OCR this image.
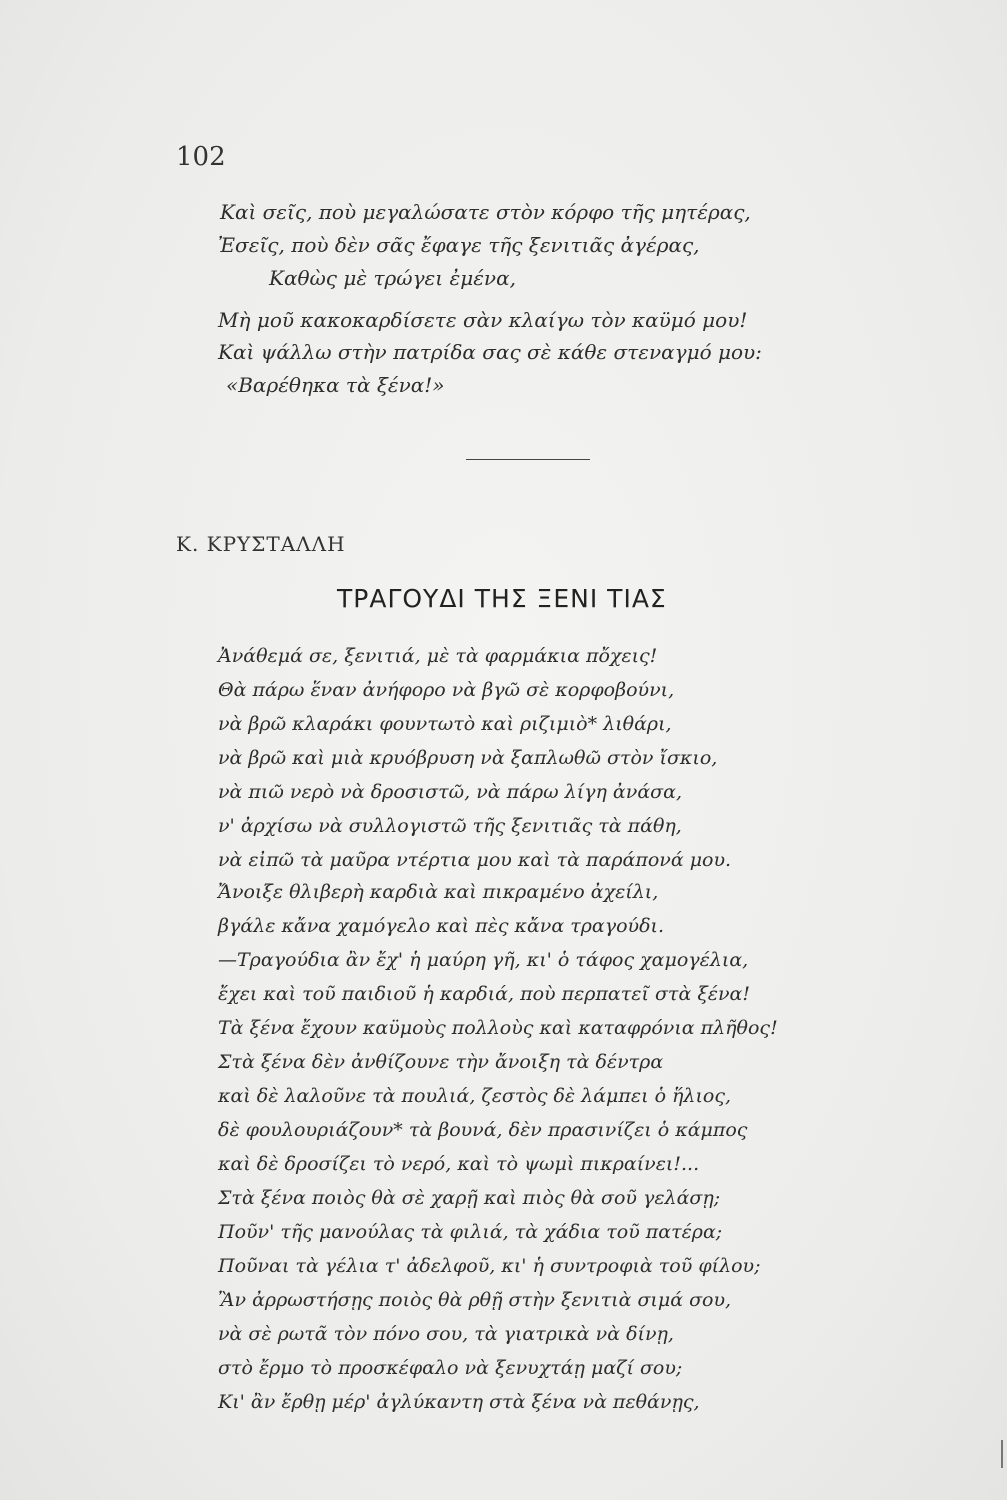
102
Καὶ σεῖς, ποὺ μεγαλώσατε στὸν κόρφο τῆς μητέρας,
Ἐσεῖς, ποὺ δὲν σᾶς ἔφαγε τῆς ξενιτιᾶς ἀγέρας,
Καθὼς μὲ τρώγει ἐμένα,
Μὴ μοῦ κακοκαρδίσετε σὰν κλαίγω τὸν καϋμό μου!
Καὶ ψάλλω στὴν πατρίδα σας σὲ κάθε στεναγμό μου:
«Βαρέθηκα τὰ ξένα!»
Κ. ΚΡΥΣΤΑΛΛΗ
ΤΡΑΓΟΥΔΙ ΤΗΣ ΞΕΝΙ ΤΙΑΣ
Ἀνάθεμά σε, ξενιτιά, μὲ τὰ φαρμάκια πὄχεις!
Θὰ πάρω ἕναν ἀνήφορο νὰ βγῶ σὲ κορφοβούνι,
νὰ βρῶ κλαράκι φουντωτὸ καὶ ριζιμιὸ* λιθάρι,
νὰ βρῶ καὶ μιὰ κρυόβρυση νὰ ξαπλωθῶ στὸν ἴσκιο,
νὰ πιῶ νερὸ νὰ δροσιστῶ, νὰ πάρω λίγη ἀνάσα,
ν' ἀρχίσω νὰ συλλογιστῶ τῆς ξενιτιᾶς τὰ πάθη,
νὰ εἰπῶ τὰ μαῦρα ντέρτια μου καὶ τὰ παράπονά μου.
Ἄνοιξε θλιβερὴ καρδιὰ καὶ πικραμένο ἀχείλι,
βγάλε κἄνα χαμόγελο καὶ πὲς κἄνα τραγούδι.
—Τραγούδια ἂν ἔχ' ἡ μαύρη γῆ, κι' ὁ τάφος χαμογέλια,
ἔχει καὶ τοῦ παιδιοῦ ἡ καρδιά, ποὺ περπατεῖ στὰ ξένα!
Τὰ ξένα ἔχουν καϋμοὺς πολλοὺς καὶ καταφρόνια πλῆθος!
Στὰ ξένα δὲν ἀνθίζουνε τὴν ἄνοιξη τὰ δέντρα
καὶ δὲ λαλοῦνε τὰ πουλιά, ζεστὸς δὲ λάμπει ὁ ἥλιος,
δὲ φουλουριάζουν* τὰ βουνά, δὲν πρασινίζει ὁ κάμπος
καὶ δὲ δροσίζει τὸ νερό, καὶ τὸ ψωμὶ πικραίνει!...
Στὰ ξένα ποιὸς θὰ σὲ χαρῇ καὶ πιὸς θὰ σοῦ γελάσῃ;
Ποῦν' τῆς μανούλας τὰ φιλιά, τὰ χάδια τοῦ πατέρα;
Ποῦναι τὰ γέλια τ' ἀδελφοῦ, κι' ἡ συντροφιὰ τοῦ φίλου;
Ἂν ἀρρωστήσῃς ποιὸς θὰ ρθῇ στὴν ξενιτιὰ σιμά σου,
νὰ σὲ ρωτᾶ τὸν πόνο σου, τὰ γιατρικὰ νὰ δίνῃ,
στὸ ἔρμο τὸ προσκέφαλο νὰ ξενυχτάῃ μαζί σου;
Κι' ἂν ἔρθῃ μέρ' ἀγλύκαντη στὰ ξένα νὰ πεθάνῃς,
